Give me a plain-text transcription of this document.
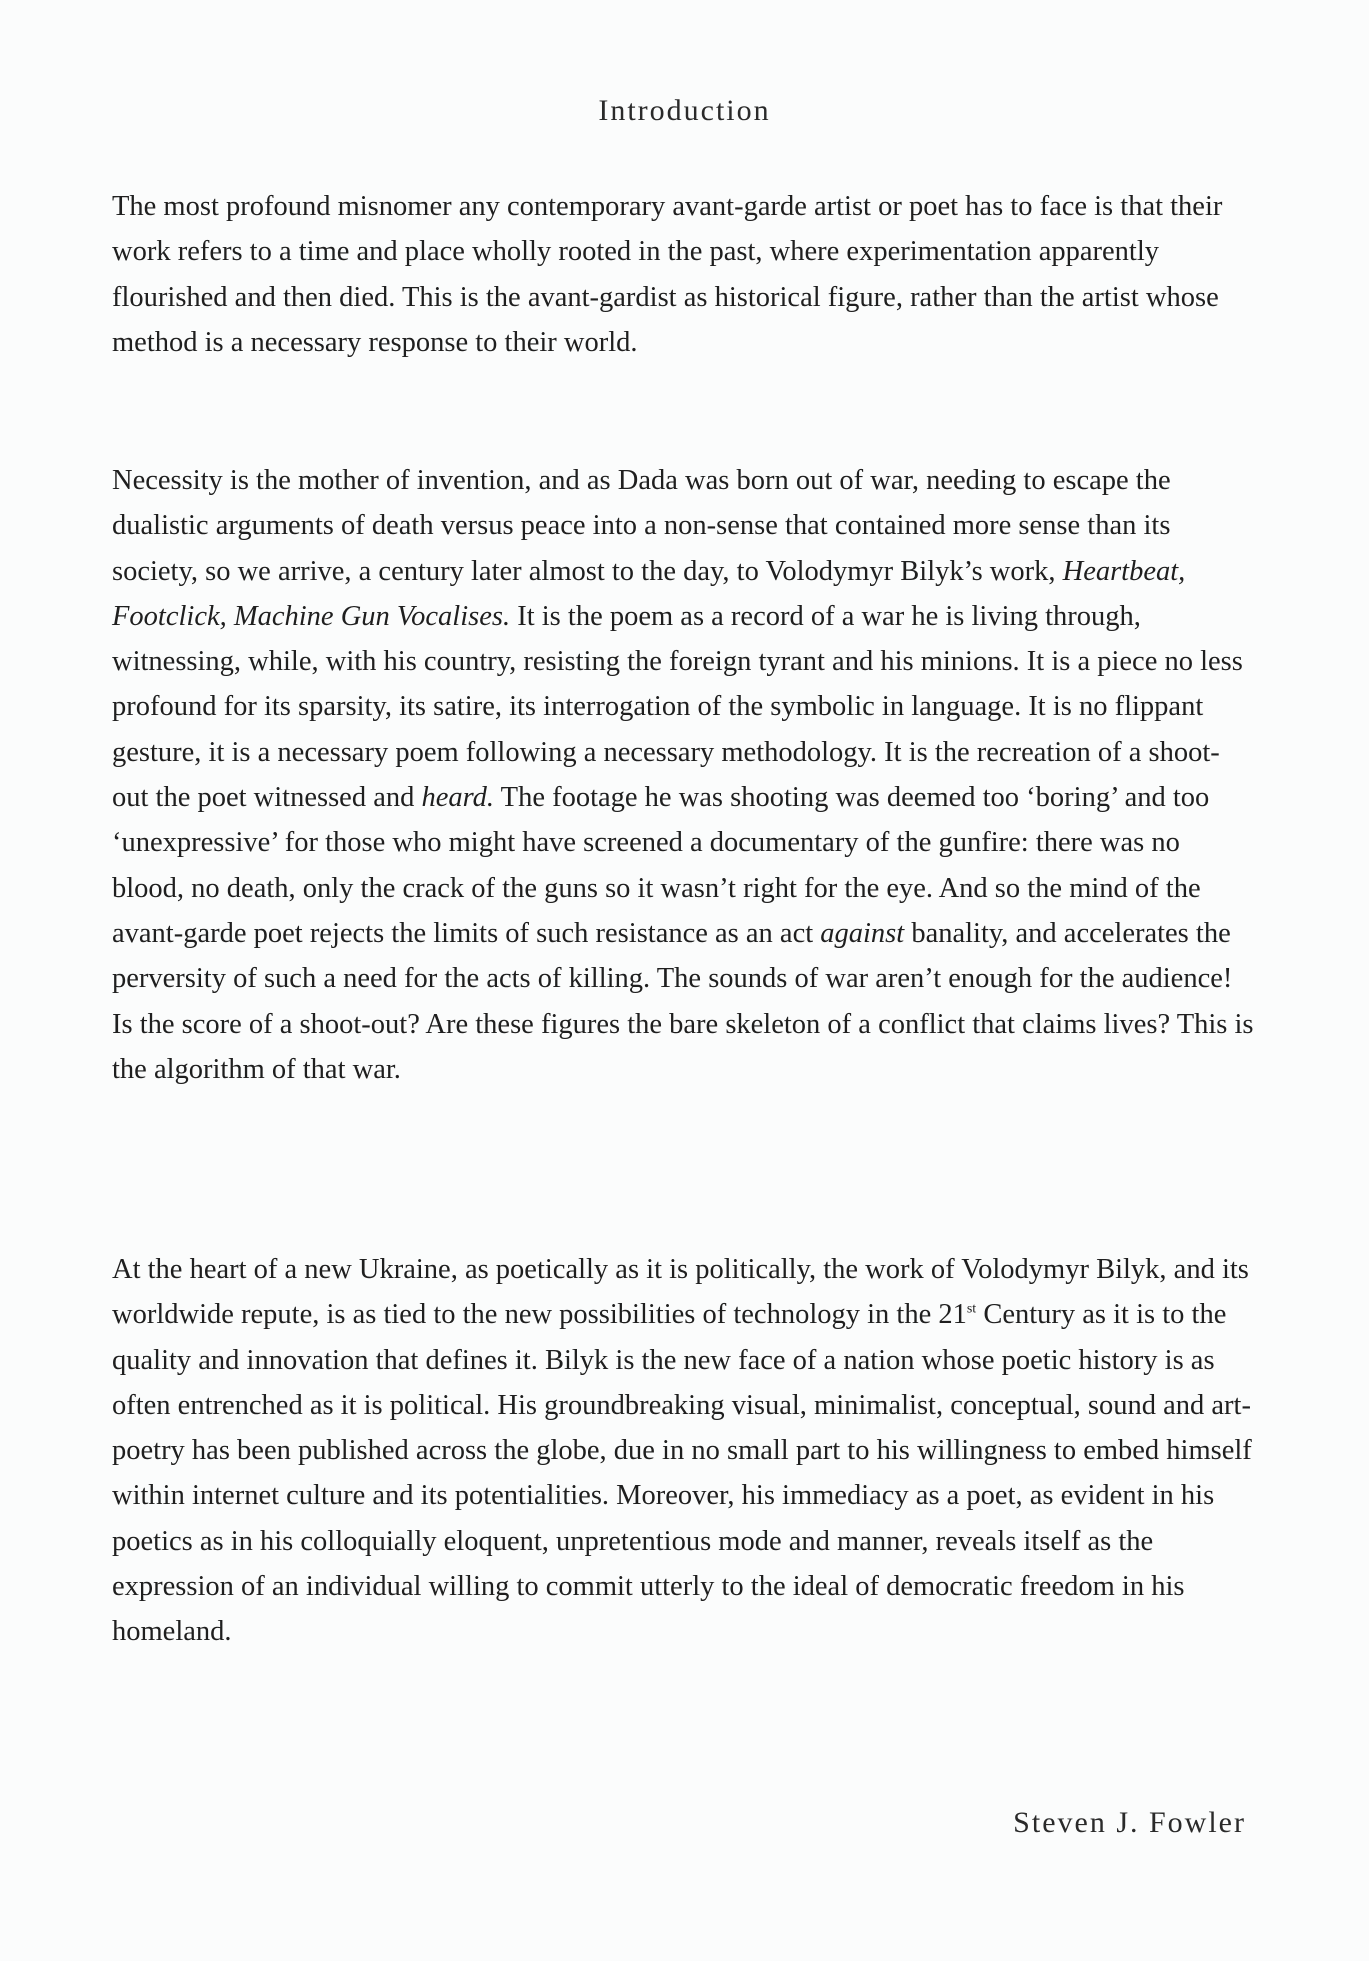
Introduction

The most profound misnomer any contemporary avant-garde artist or poet has to face is that their work refers to a time and place wholly rooted in the past, where experimentation apparently flourished and then died. This is the avant-gardist as historical figure, rather than the artist whose method is a necessary response to their world.

Necessity is the mother of invention, and as Dada was born out of war, needing to escape the dualistic arguments of death versus peace into a non-sense that contained more sense than its society, so we arrive, a century later almost to the day, to Volodymyr Bilyk’s work, Heartbeat, Footclick, Machine Gun Vocalises. It is the poem as a record of a war he is living through, witnessing, while, with his country, resisting the foreign tyrant and his minions. It is a piece no less profound for its sparsity, its satire, its interrogation of the symbolic in language. It is no flippant gesture, it is a necessary poem following a necessary methodology. It is the recreation of a shoot-out the poet witnessed and heard. The footage he was shooting was deemed too ‘boring’ and too ‘unexpressive’ for those who might have screened a documentary of the gunfire: there was no blood, no death, only the crack of the guns so it wasn’t right for the eye. And so the mind of the avant-garde poet rejects the limits of such resistance as an act against banality, and accelerates the perversity of such a need for the acts of killing. The sounds of war aren’t enough for the audience! Is the score of a shoot-out? Are these figures the bare skeleton of a conflict that claims lives? This is the algorithm of that war.

At the heart of a new Ukraine, as poetically as it is politically, the work of Volodymyr Bilyk, and its worldwide repute, is as tied to the new possibilities of technology in the 21st Century as it is to the quality and innovation that defines it. Bilyk is the new face of a nation whose poetic history is as often entrenched as it is political. His groundbreaking visual, minimalist, conceptual, sound and art-poetry has been published across the globe, due in no small part to his willingness to embed himself within internet culture and its potentialities. Moreover, his immediacy as a poet, as evident in his poetics as in his colloquially eloquent, unpretentious mode and manner, reveals itself as the expression of an individual willing to commit utterly to the ideal of democratic freedom in his homeland.

Steven J. Fowler
